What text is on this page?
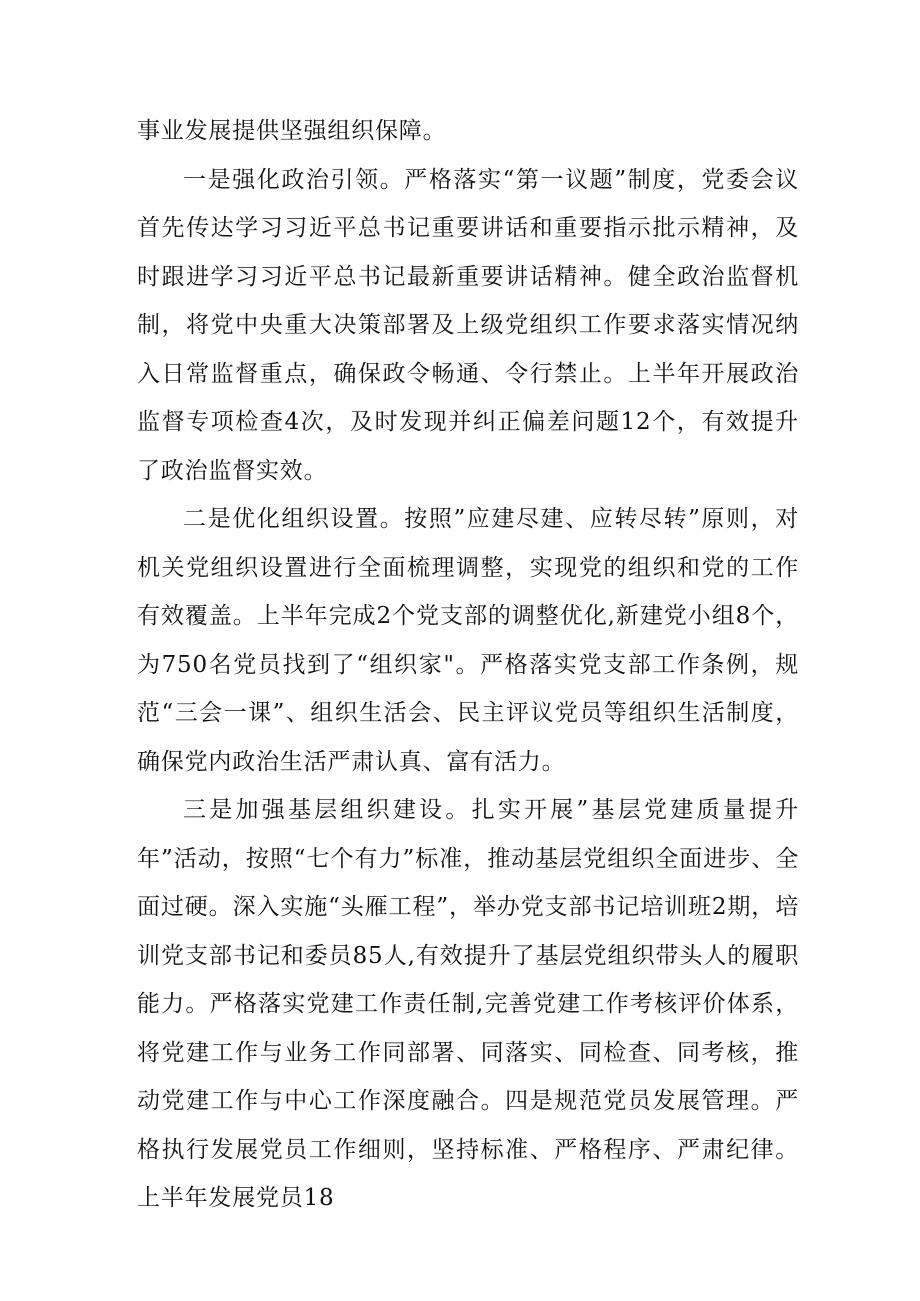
事业发展提供坚强组织保障。

一是强化政治引领。严格落实“第一议题”制度，党委会议首先传达学习习近平总书记重要讲话和重要指示批示精神，及时跟进学习习近平总书记最新重要讲话精神。健全政治监督机制，将党中央重大决策部署及上级党组织工作要求落实情况纳入日常监督重点，确保政令畅通、令行禁止。上半年开展政治监督专项检查4次，及时发现并纠正偏差问题12个，有效提升了政治监督实效。

二是优化组织设置。按照”应建尽建、应转尽转”原则，对机关党组织设置进行全面梳理调整，实现党的组织和党的工作有效覆盖。上半年完成2个党支部的调整优化,新建党小组8个，为750名党员找到了“组织家"。严格落实党支部工作条例，规范“三会一课”、组织生活会、民主评议党员等组织生活制度，确保党内政治生活严肃认真、富有活力。

三是加强基层组织建设。扎实开展”基层党建质量提升年”活动，按照“七个有力”标准，推动基层党组织全面进步、全面过硬。深入实施“头雁工程”，举办党支部书记培训班2期，培训党支部书记和委员85人,有效提升了基层党组织带头人的履职能力。严格落实党建工作责任制,完善党建工作考核评价体系，将党建工作与业务工作同部署、同落实、同检查、同考核，推动党建工作与中心工作深度融合。四是规范党员发展管理。严格执行发展党员工作细则，坚持标准、严格程序、严肃纪律。上半年发展党员18
